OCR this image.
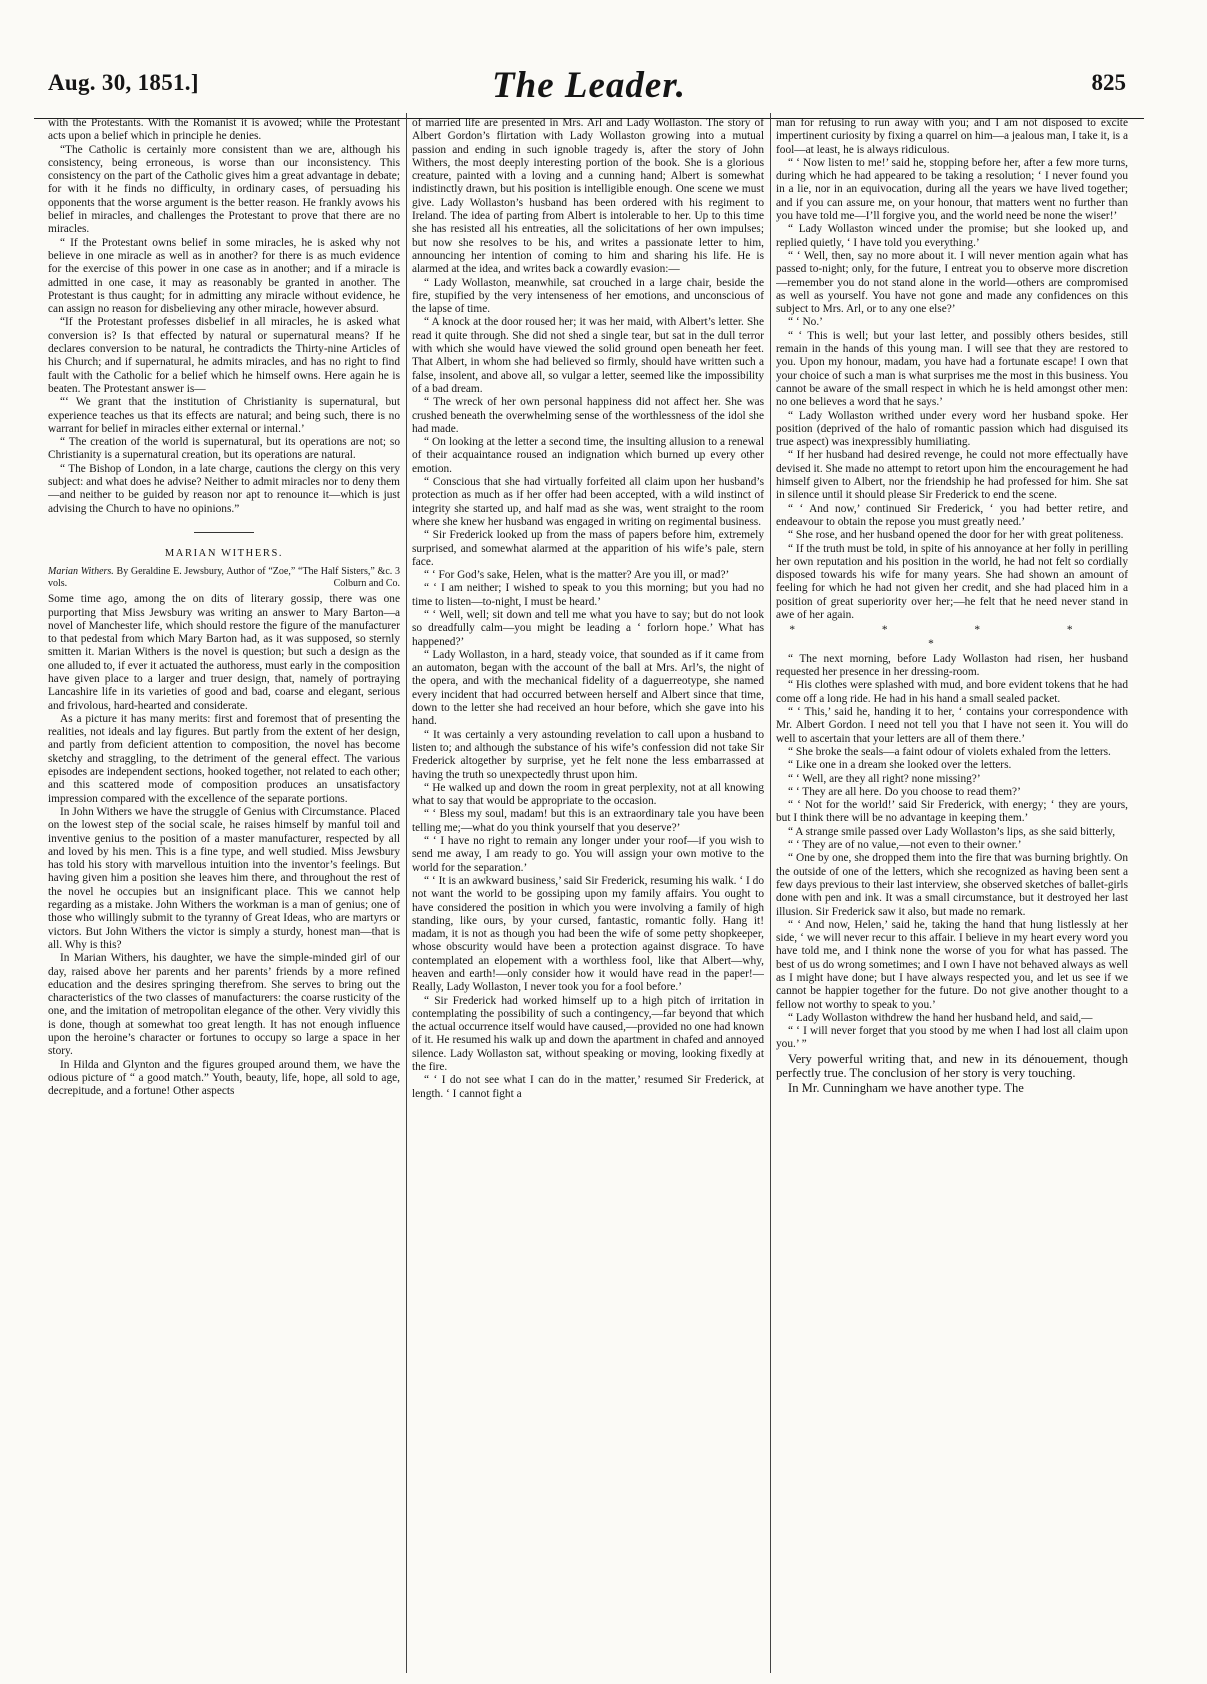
Aug. 30, 1851.]	The Leader.	825

with the Protestants. With the Romanist it is avowed; while the Protestant acts upon a belief which in principle he denies.

“The Catholic is certainly more consistent than we are, although his consistency, being erroneous, is worse than our inconsistency. This consistency on the part of the Catholic gives him a great advantage in debate; for with it he finds no difficulty, in ordinary cases, of persuading his opponents that the worse argument is the better reason. He frankly avows his belief in miracles, and challenges the Protestant to prove that there are no miracles.

“ If the Protestant owns belief in some miracles, he is asked why not believe in one miracle as well as in another? for there is as much evidence for the exercise of this power in one case as in another; and if a miracle is admitted in one case, it may as reasonably be granted in another. The Protestant is thus caught; for in admitting any miracle without evidence, he can assign no reason for disbelieving any other miracle, however absurd.

“If the Protestant professes disbelief in all miracles, he is asked what conversion is? Is that effected by natural or supernatural means? If he declares conversion to be natural, he contradicts the Thirty-nine Articles of his Church; and if supernatural, he admits miracles, and has no right to find fault with the Catholic for a belief which he himself owns. Here again he is beaten. The Protestant answer is—

“‘ We grant that the institution of Christianity is supernatural, but experience teaches us that its effects are natural; and being such, there is no warrant for belief in miracles either external or internal.’

“ The creation of the world is supernatural, but its operations are not; so Christianity is a supernatural creation, but its operations are natural.

“ The Bishop of London, in a late charge, cautions the clergy on this very subject: and what does he advise? Neither to admit miracles nor to deny them—and neither to be guided by reason nor apt to renounce it—which is just advising the Church to have no opinions.”

MARIAN WITHERS.
Marian Withers. By Geraldine E. Jewsbury, Author of “Zoe,” “The Half Sisters,” &c. 3 vols.	Colburn and Co.

Some time ago, among the on dits of literary gossip, there was one purporting that Miss Jewsbury was writing an answer to Mary Barton—a novel of Manchester life, which should restore the figure of the manufacturer to that pedestal from which Mary Barton had, as it was supposed, so sternly smitten it. Marian Withers is the novel is question; but such a design as the one alluded to, if ever it actuated the authoress, must early in the composition have given place to a larger and truer design, that, namely of portraying Lancashire life in its varieties of good and bad, coarse and elegant, serious and frivolous, hard-hearted and considerate.

As a picture it has many merits: first and foremost that of presenting the realities, not ideals and lay figures. But partly from the extent of her design, and partly from deficient attention to composition, the novel has become sketchy and straggling, to the detriment of the general effect. The various episodes are independent sections, hooked together, not related to each other; and this scattered mode of composition produces an unsatisfactory impression compared with the excellence of the separate portions.

In John Withers we have the struggle of Genius with Circumstance. Placed on the lowest step of the social scale, he raises himself by manful toil and inventive genius to the position of a master manufacturer, respected by all and loved by his men. This is a fine type, and well studied. Miss Jewsbury has told his story with marvellous intuition into the inventor’s feelings. But having given him a position she leaves him there, and throughout the rest of the novel he occupies but an insignificant place. This we cannot help regarding as a mistake. John Withers the workman is a man of genius; one of those who willingly submit to the tyranny of Great Ideas, who are martyrs or victors. But John Withers the victor is simply a sturdy, honest man—that is all. Why is this?

In Marian Withers, his daughter, we have the simple-minded girl of our day, raised above her parents and her parents’ friends by a more refined education and the desires springing therefrom. She serves to bring out the characteristics of the two classes of manufacturers: the coarse rusticity of the one, and the imitation of metropolitan elegance of the other. Very vividly this is done, though at somewhat too great length. It has not enough influence upon the heroine’s character or fortunes to occupy so large a space in her story.

In Hilda and Glynton and the figures grouped around them, we have the odious picture of “ a good match.” Youth, beauty, life, hope, all sold to age, decrepitude, and a fortune! Other aspects

of married life are presented in Mrs. Arl and Lady Wollaston. The story of Albert Gordon’s flirtation with Lady Wollaston growing into a mutual passion and ending in such ignoble tragedy is, after the story of John Withers, the most deeply interesting portion of the book. She is a glorious creature, painted with a loving and a cunning hand; Albert is somewhat indistinctly drawn, but his position is intelligible enough. One scene we must give. Lady Wollaston’s husband has been ordered with his regiment to Ireland. The idea of parting from Albert is intolerable to her. Up to this time she has resisted all his entreaties, all the solicitations of her own impulses; but now she resolves to be his, and writes a passionate letter to him, announcing her intention of coming to him and sharing his life. He is alarmed at the idea, and writes back a cowardly evasion:—

“ Lady Wollaston, meanwhile, sat crouched in a large chair, beside the fire, stupified by the very intenseness of her emotions, and unconscious of the lapse of time.

“ A knock at the door roused her; it was her maid, with Albert’s letter. She read it quite through. She did not shed a single tear, but sat in the dull terror with which she would have viewed the solid ground open beneath her feet. That Albert, in whom she had believed so firmly, should have written such a false, insolent, and above all, so vulgar a letter, seemed like the impossibility of a bad dream.

“ The wreck of her own personal happiness did not affect her. She was crushed beneath the overwhelming sense of the worthlessness of the idol she had made.

“ On looking at the letter a second time, the insulting allusion to a renewal of their acquaintance roused an indignation which burned up every other emotion.

“ Conscious that she had virtually forfeited all claim upon her husband’s protection as much as if her offer had been accepted, with a wild instinct of integrity she started up, and half mad as she was, went straight to the room where she knew her husband was engaged in writing on regimental business.

“ Sir Frederick looked up from the mass of papers before him, extremely surprised, and somewhat alarmed at the apparition of his wife’s pale, stern face.

“ ‘ For God’s sake, Helen, what is the matter? Are you ill, or mad?’

“ ‘ I am neither; I wished to speak to you this morning; but you had no time to listen—to-night, I must be heard.’

“ ‘ Well, well; sit down and tell me what you have to say; but do not look so dreadfully calm—you might be leading a ‘ forlorn hope.’ What has happened?’

“ Lady Wollaston, in a hard, steady voice, that sounded as if it came from an automaton, began with the account of the ball at Mrs. Arl’s, the night of the opera, and with the mechanical fidelity of a daguerreotype, she named every incident that had occurred between herself and Albert since that time, down to the letter she had received an hour before, which she gave into his hand.

“ It was certainly a very astounding revelation to call upon a husband to listen to; and although the substance of his wife’s confession did not take Sir Frederick altogether by surprise, yet he felt none the less embarrassed at having the truth so unexpectedly thrust upon him.

“ He walked up and down the room in great perplexity, not at all knowing what to say that would be appropriate to the occasion.

“ ‘ Bless my soul, madam! but this is an extraordinary tale you have been telling me;—what do you think yourself that you deserve?’

“ ‘ I have no right to remain any longer under your roof—if you wish to send me away, I am ready to go. You will assign your own motive to the world for the separation.’

“ ‘ It is an awkward business,’ said Sir Frederick, resuming his walk. ‘ I do not want the world to be gossiping upon my family affairs. You ought to have considered the position in which you were involving a family of high standing, like ours, by your cursed, fantastic, romantic folly. Hang it! madam, it is not as though you had been the wife of some petty shopkeeper, whose obscurity would have been a protection against disgrace. To have contemplated an elopement with a worthless fool, like that Albert—why, heaven and earth!—only consider how it would have read in the paper!—Really, Lady Wollaston, I never took you for a fool before.’

“ Sir Frederick had worked himself up to a high pitch of irritation in contemplating the possibility of such a contingency,—far beyond that which the actual occurrence itself would have caused,—provided no one had known of it. He resumed his walk up and down the apartment in chafed and annoyed silence. Lady Wollaston sat, without speaking or moving, looking fixedly at the fire.

“ ‘ I do not see what I can do in the matter,’ resumed Sir Frederick, at length. ‘ I cannot fight a

man for refusing to run away with you; and I am not disposed to excite impertinent curiosity by fixing a quarrel on him—a jealous man, I take it, is a fool—at least, he is always ridiculous.

“ ‘ Now listen to me!’ said he, stopping before her, after a few more turns, during which he had appeared to be taking a resolution; ‘ I never found you in a lie, nor in an equivocation, during all the years we have lived together; and if you can assure me, on your honour, that matters went no further than you have told me—I’ll forgive you, and the world need be none the wiser!’

“ Lady Wollaston winced under the promise; but she looked up, and replied quietly, ‘ I have told you everything.’

“ ‘ Well, then, say no more about it. I will never mention again what has passed to-night; only, for the future, I entreat you to observe more discretion—remember you do not stand alone in the world—others are compromised as well as yourself. You have not gone and made any confidences on this subject to Mrs. Arl, or to any one else?’

“ ‘ No.’

“ ‘ This is well; but your last letter, and possibly others besides, still remain in the hands of this young man. I will see that they are restored to you. Upon my honour, madam, you have had a fortunate escape! I own that your choice of such a man is what surprises me the most in this business. You cannot be aware of the small respect in which he is held amongst other men: no one believes a word that he says.’

“ Lady Wollaston writhed under every word her husband spoke. Her position (deprived of the halo of romantic passion which had disguised its true aspect) was inexpressibly humiliating.

“ If her husband had desired revenge, he could not more effectually have devised it. She made no attempt to retort upon him the encouragement he had himself given to Albert, nor the friendship he had professed for him. She sat in silence until it should please Sir Frederick to end the scene.

“ ‘ And now,’ continued Sir Frederick, ‘ you had better retire, and endeavour to obtain the repose you must greatly need.’

“ She rose, and her husband opened the door for her with great politeness.

“ If the truth must be told, in spite of his annoyance at her folly in perilling her own reputation and his position in the world, he had not felt so cordially disposed towards his wife for many years. She had shown an amount of feeling for which he had not given her credit, and she had placed him in a position of great superiority over her;—he felt that he need never stand in awe of her again.

* * * * *

“ The next morning, before Lady Wollaston had risen, her husband requested her presence in her dressing-room.

“ His clothes were splashed with mud, and bore evident tokens that he had come off a long ride. He had in his hand a small sealed packet.

“ ‘ This,’ said he, handing it to her, ‘ contains your correspondence with Mr. Albert Gordon. I need not tell you that I have not seen it. You will do well to ascertain that your letters are all of them there.’

“ She broke the seals—a faint odour of violets exhaled from the letters.

“ Like one in a dream she looked over the letters.

“ ‘ Well, are they all right? none missing?’

“ ‘ They are all here. Do you choose to read them?’

“ ‘ Not for the world!’ said Sir Frederick, with energy; ‘ they are yours, but I think there will be no advantage in keeping them.’

“ A strange smile passed over Lady Wollaston’s lips, as she said bitterly,

“ ‘ They are of no value,—not even to their owner.’

“ One by one, she dropped them into the fire that was burning brightly. On the outside of one of the letters, which she recognized as having been sent a few days previous to their last interview, she observed sketches of ballet-girls done with pen and ink. It was a small circumstance, but it destroyed her last illusion. Sir Frederick saw it also, but made no remark.

“ ‘ And now, Helen,’ said he, taking the hand that hung listlessly at her side, ‘ we will never recur to this affair. I believe in my heart every word you have told me, and I think none the worse of you for what has passed. The best of us do wrong sometimes; and I own I have not behaved always as well as I might have done; but I have always respected you, and let us see if we cannot be happier together for the future. Do not give another thought to a fellow not worthy to speak to you.’

“ Lady Wollaston withdrew the hand her husband held, and said,—

“ ‘ I will never forget that you stood by me when I had lost all claim upon you.’ ”

Very powerful writing that, and new in its dénouement, though perfectly true. The conclusion of her story is very touching.

In Mr. Cunningham we have another type. The
